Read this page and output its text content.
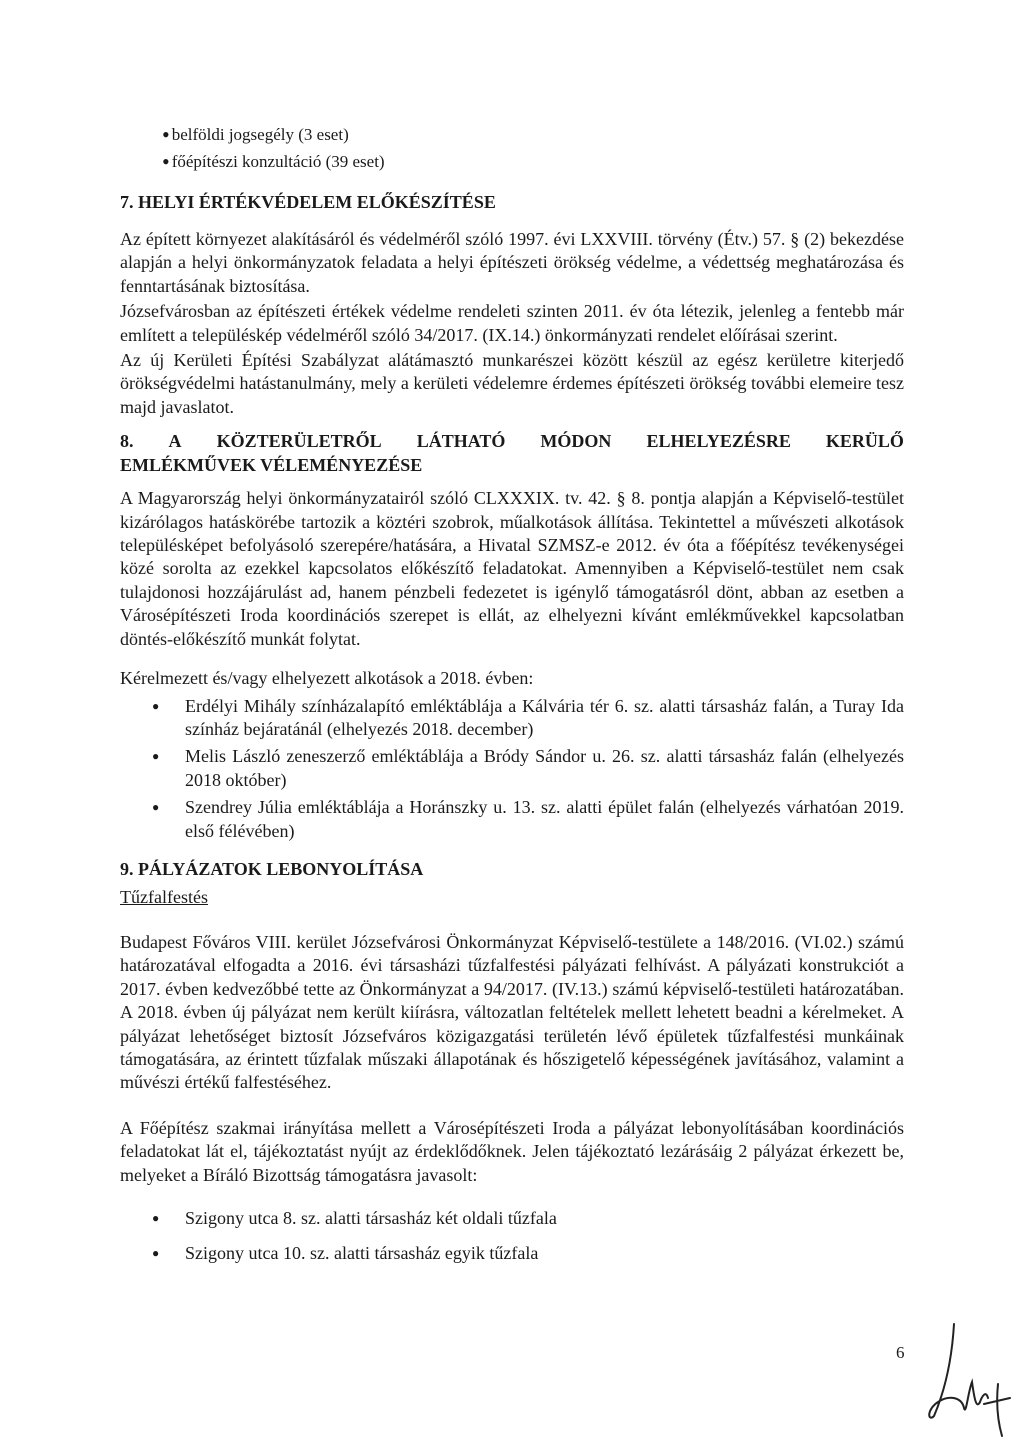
• belföldi jogsegély (3 eset)
• főépítészi konzultáció (39 eset)
7. HELYI ÉRTÉKVÉDELEM ELŐKÉSZÍTÉSE

Az épített környezet alakításáról és védelméről szóló 1997. évi LXXVIII. törvény (Étv.) 57. § (2) bekezdése alapján a helyi önkormányzatok feladata a helyi építészeti örökség védelme, a védettség meghatározása és fenntartásának biztosítása.

Józsefvárosban az építészeti értékek védelme rendeleti szinten 2011. év óta létezik, jelenleg a fentebb már említett a településkép védelméről szóló 34/2017. (IX.14.) önkormányzati rendelet előírásai szerint.

Az új Kerületi Építési Szabályzat alátámasztó munkarészei között készül az egész kerületre kiterjedő örökségvédelmi hatástanulmány, mely a kerületi védelemre érdemes építészeti örökség további elemeire tesz majd javaslatot.

8. A KÖZTERÜLETRŐL LÁTHATÓ MÓDON ELHELYEZÉSRE KERÜLŐ
EMLÉKMŰVEK VÉLEMÉNYEZÉSE

A Magyarország helyi önkormányzatairól szóló CLXXXIX. tv. 42. § 8. pontja alapján a Képviselő-testület kizárólagos hatáskörébe tartozik a köztéri szobrok, műalkotások állítása. Tekintettel a művészeti alkotások településképet befolyásoló szerepére/hatására, a Hivatal SZMSZ-e 2012. év óta a főépítész tevékenységei közé sorolta az ezekkel kapcsolatos előkészítő feladatokat. Amennyiben a Képviselő-testület nem csak tulajdonosi hozzájárulást ad, hanem pénzbeli fedezetet is igénylő támogatásról dönt, abban az esetben a Városépítészeti Iroda koordinációs szerepet is ellát, az elhelyezni kívánt emlékművekkel kapcsolatban döntés-előkészítő munkát folytat.

Kérelmezett és/vagy elhelyezett alkotások a 2018. évben:

● Erdélyi Mihály színházalapító emléktáblája a Kálvária tér 6. sz. alatti társasház falán, a Turay Ida színház bejáratánál (elhelyezés 2018. december)
● Melis László zeneszerző emléktáblája a Bródy Sándor u. 26. sz. alatti társasház falán (elhelyezés 2018 október)
● Szendrey Júlia emléktáblája a Horánszky u. 13. sz. alatti épület falán (elhelyezés várhatóan 2019. első félévében)
9. PÁLYÁZATOK LEBONYOLÍTÁSA
Tűzfalfestés

Budapest Főváros VIII. kerület Józsefvárosi Önkormányzat Képviselő-testülete a 148/2016. (VI.02.) számú határozatával elfogadta a 2016. évi társasházi tűzfalfestési pályázati felhívást. A pályázati konstrukciót a 2017. évben kedvezőbbé tette az Önkormányzat a 94/2017. (IV.13.) számú képviselő-testületi határozatában. A 2018. évben új pályázat nem került kiírásra, változatlan feltételek mellett lehetett beadni a kérelmeket. A pályázat lehetőséget biztosít Józsefváros közigazgatási területén lévő épületek tűzfalfestési munkáinak támogatására, az érintett tűzfalak műszaki állapotának és hőszigetelő képességének javításához, valamint a művészi értékű falfestéséhez.

A Főépítész szakmai irányítása mellett a Városépítészeti Iroda a pályázat lebonyolításában koordinációs feladatokat lát el, tájékoztatást nyújt az érdeklődőknek. Jelen tájékoztató lezárásáig 2 pályázat érkezett be, melyeket a Bíráló Bizottság támogatásra javasolt:

● Szigony utca 8. sz. alatti társasház két oldali tűzfala
● Szigony utca 10. sz. alatti társasház egyik tűzfala
6
